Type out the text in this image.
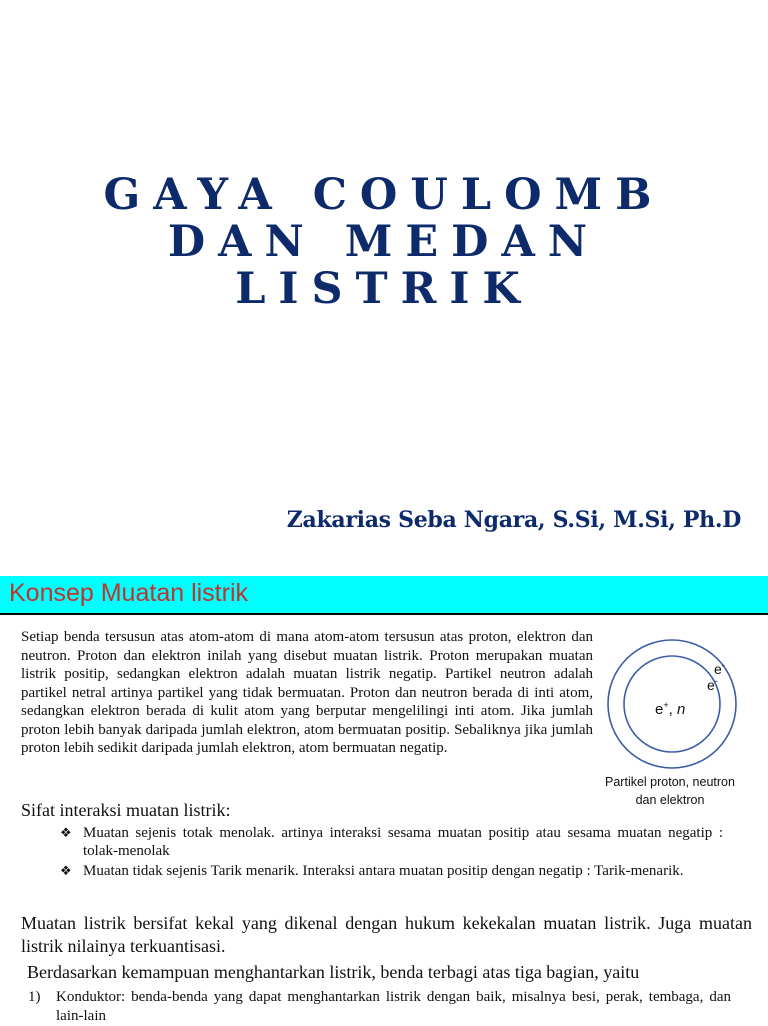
GAYA COULOMB
DAN MEDAN
LISTRIK
Zakarias Seba Ngara, S.Si, M.Si, Ph.D
Konsep Muatan listrik
Setiap benda tersusun atas atom-atom di mana atom-atom tersusun atas proton, elektron dan neutron. Proton dan elektron inilah yang disebut muatan listrik. Proton merupakan muatan listrik positip, sedangkan elektron adalah muatan listrik negatip. Partikel neutron adalah partikel netral artinya partikel yang tidak bermuatan. Proton dan neutron berada di inti atom, sedangkan elektron berada di kulit atom yang berputar mengelilingi inti atom. Jika jumlah proton lebih banyak daripada jumlah elektron, atom bermuatan positip. Sebaliknya jika jumlah proton lebih sedikit daripada jumlah elektron, atom bermuatan negatip.
e+, n
e-
e-
Partikel proton, neutron
dan elektron
Sifat interaksi muatan listrik:
❖ Muatan sejenis totak menolak. artinya interaksi sesama muatan positip atau sesama muatan negatip : tolak-menolak
❖ Muatan tidak sejenis Tarik menarik. Interaksi antara muatan positip dengan negatip : Tarik-menarik.
Muatan listrik bersifat kekal yang dikenal dengan hukum kekekalan muatan listrik. Juga muatan listrik nilainya terkuantisasi.
Berdasarkan kemampuan menghantarkan listrik, benda terbagi atas tiga bagian, yaitu
1) Konduktor: benda-benda yang dapat menghantarkan listrik dengan baik, misalnya besi, perak, tembaga, dan lain-lain
